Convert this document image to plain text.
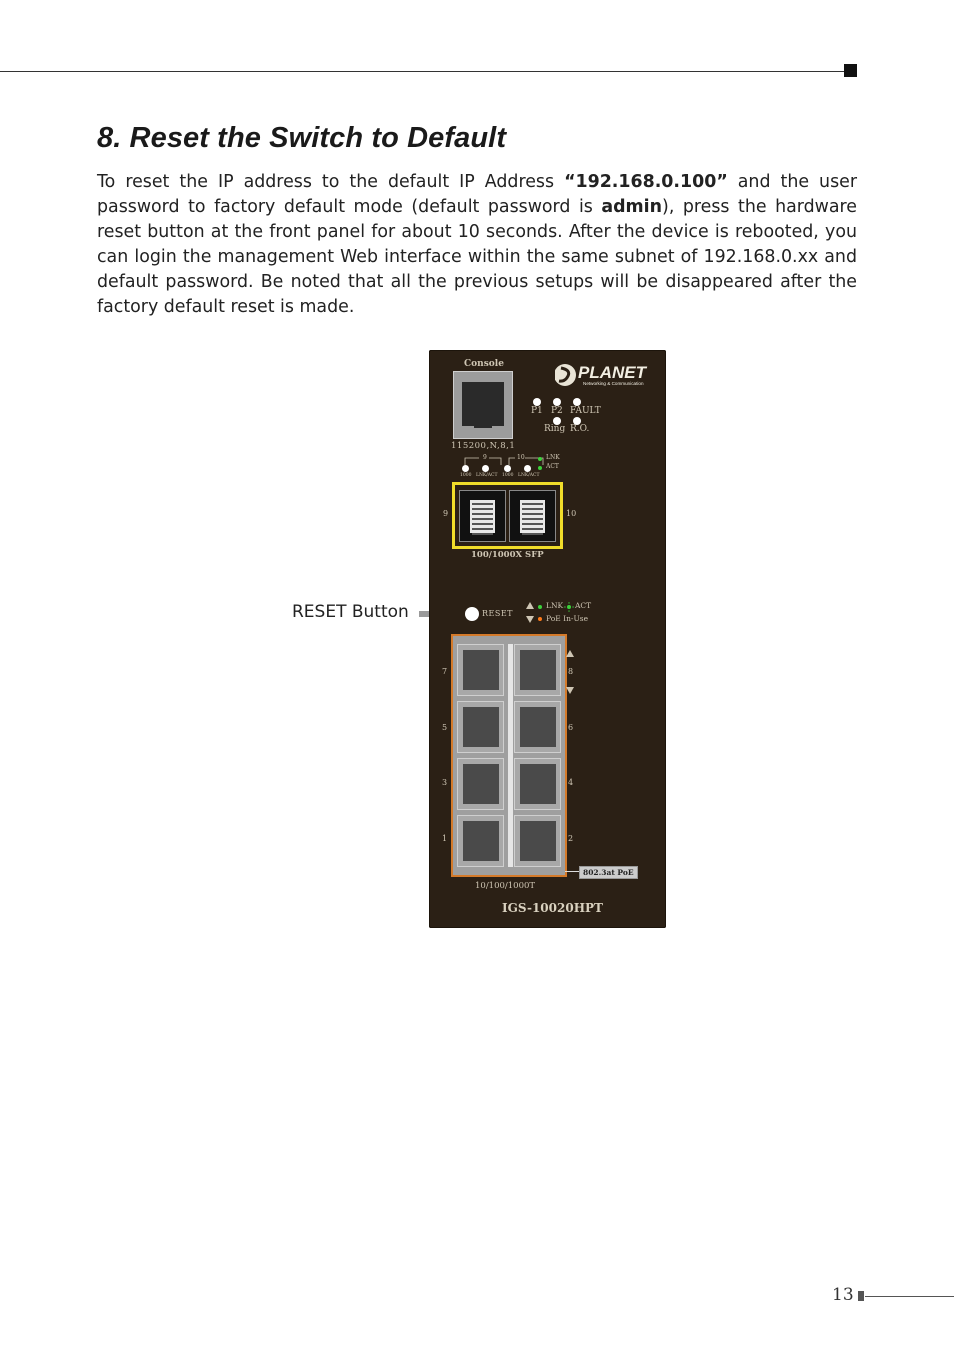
8. Reset the Switch to Default

To reset the IP address to the default IP Address “192.168.0.100” and the user password to factory default mode (default password is admin), press the hardware reset button at the front panel for about 10 seconds. After the device is rebooted, you can login the management Web interface within the same subnet of 192.168.0.xx and default password. Be noted that all the previous setups will be disappeared after the factory default reset is made.

RESET Button
Console
115200,N,8,1
PLANET
Networking & Communication
P1 P2 FAULT
Ring R.O.
9	10
1000 LNK/ACT 1000 LNK/ACT
LNK
ACT
9	10
100/1000X SFP
RESET
LNK ACT
PoE In-Use
7
5
3
1
8
6
4
2
802.3at PoE
10/100/1000T
IGS-10020HPT
13
